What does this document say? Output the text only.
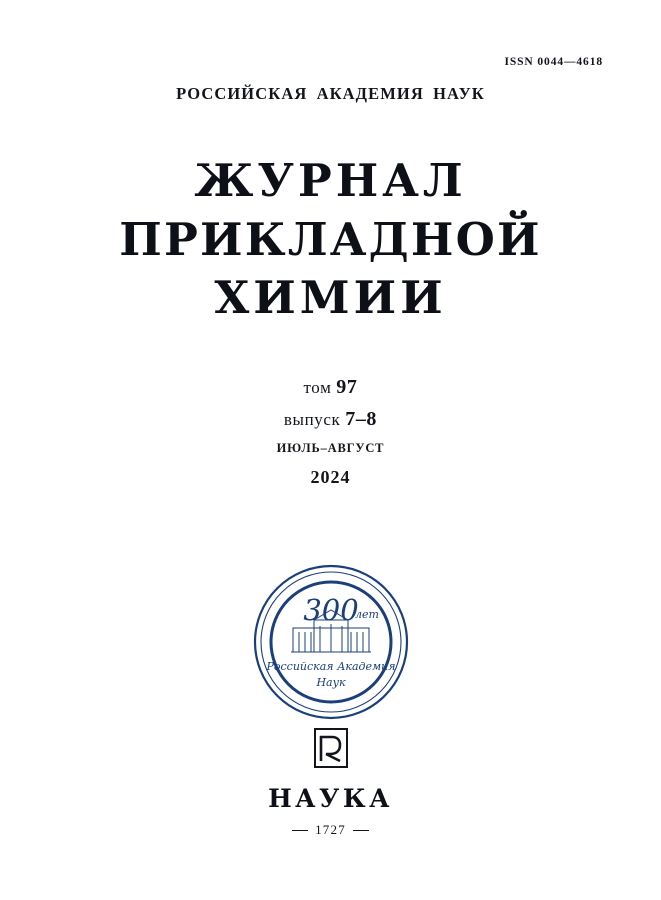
ISSN 0044—4618
РОССИЙСКАЯ АКАДЕМИЯ НАУК
ЖУРНАЛ
ПРИКЛАДНОЙ
ХИМИИ
том 97
выпуск 7–8
ИЮЛЬ–АВГУСТ
2024
300
лет
Российская Академия
Наук
НАУКА
1727
